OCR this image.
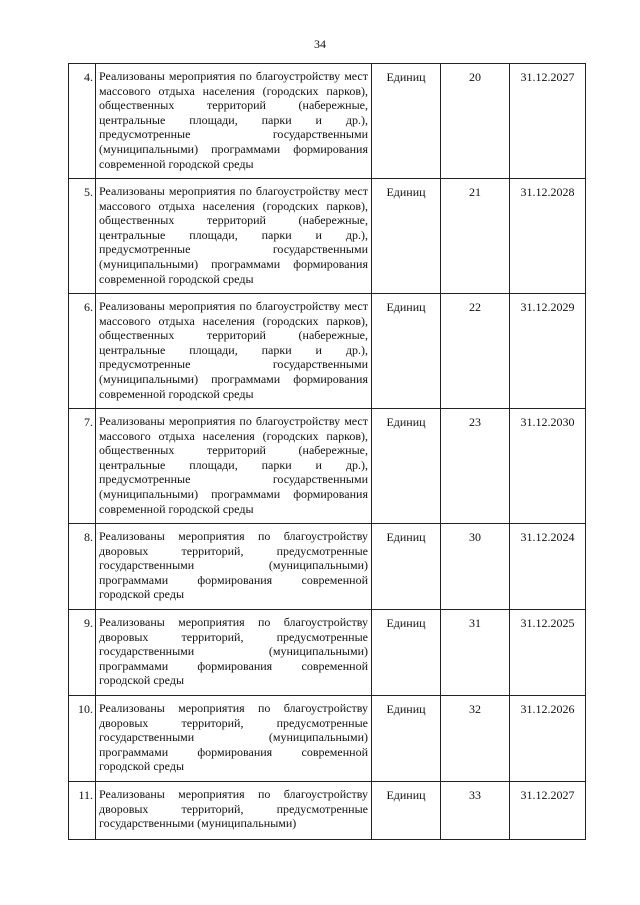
34
4.	Реализованы мероприятия по благоустройству мест массового отдыха населения (городских парков), общественных территорий (набережные, центральные площади, парки и др.), предусмотренные государственными (муниципальными) программами формирования современной городской среды	Единиц	20	31.12.2027
5.	Реализованы мероприятия по благоустройству мест массового отдыха населения (городских парков), общественных территорий (набережные, центральные площади, парки и др.), предусмотренные государственными (муниципальными) программами формирования современной городской среды	Единиц	21	31.12.2028
6.	Реализованы мероприятия по благоустройству мест массового отдыха населения (городских парков), общественных территорий (набережные, центральные площади, парки и др.), предусмотренные государственными (муниципальными) программами формирования современной городской среды	Единиц	22	31.12.2029
7.	Реализованы мероприятия по благоустройству мест массового отдыха населения (городских парков), общественных территорий (набережные, центральные площади, парки и др.), предусмотренные государственными (муниципальными) программами формирования современной городской среды	Единиц	23	31.12.2030
8.	Реализованы мероприятия по благоустройству дворовых территорий, предусмотренные государственными (муниципальными) программами формирования современной городской среды	Единиц	30	31.12.2024
9.	Реализованы мероприятия по благоустройству дворовых территорий, предусмотренные государственными (муниципальными) программами формирования современной городской среды	Единиц	31	31.12.2025
10.	Реализованы мероприятия по благоустройству дворовых территорий, предусмотренные государственными (муниципальными) программами формирования современной городской среды	Единиц	32	31.12.2026
11.	Реализованы мероприятия по благоустройству дворовых территорий, предусмотренные государственными (муниципальными)	Единиц	33	31.12.2027
